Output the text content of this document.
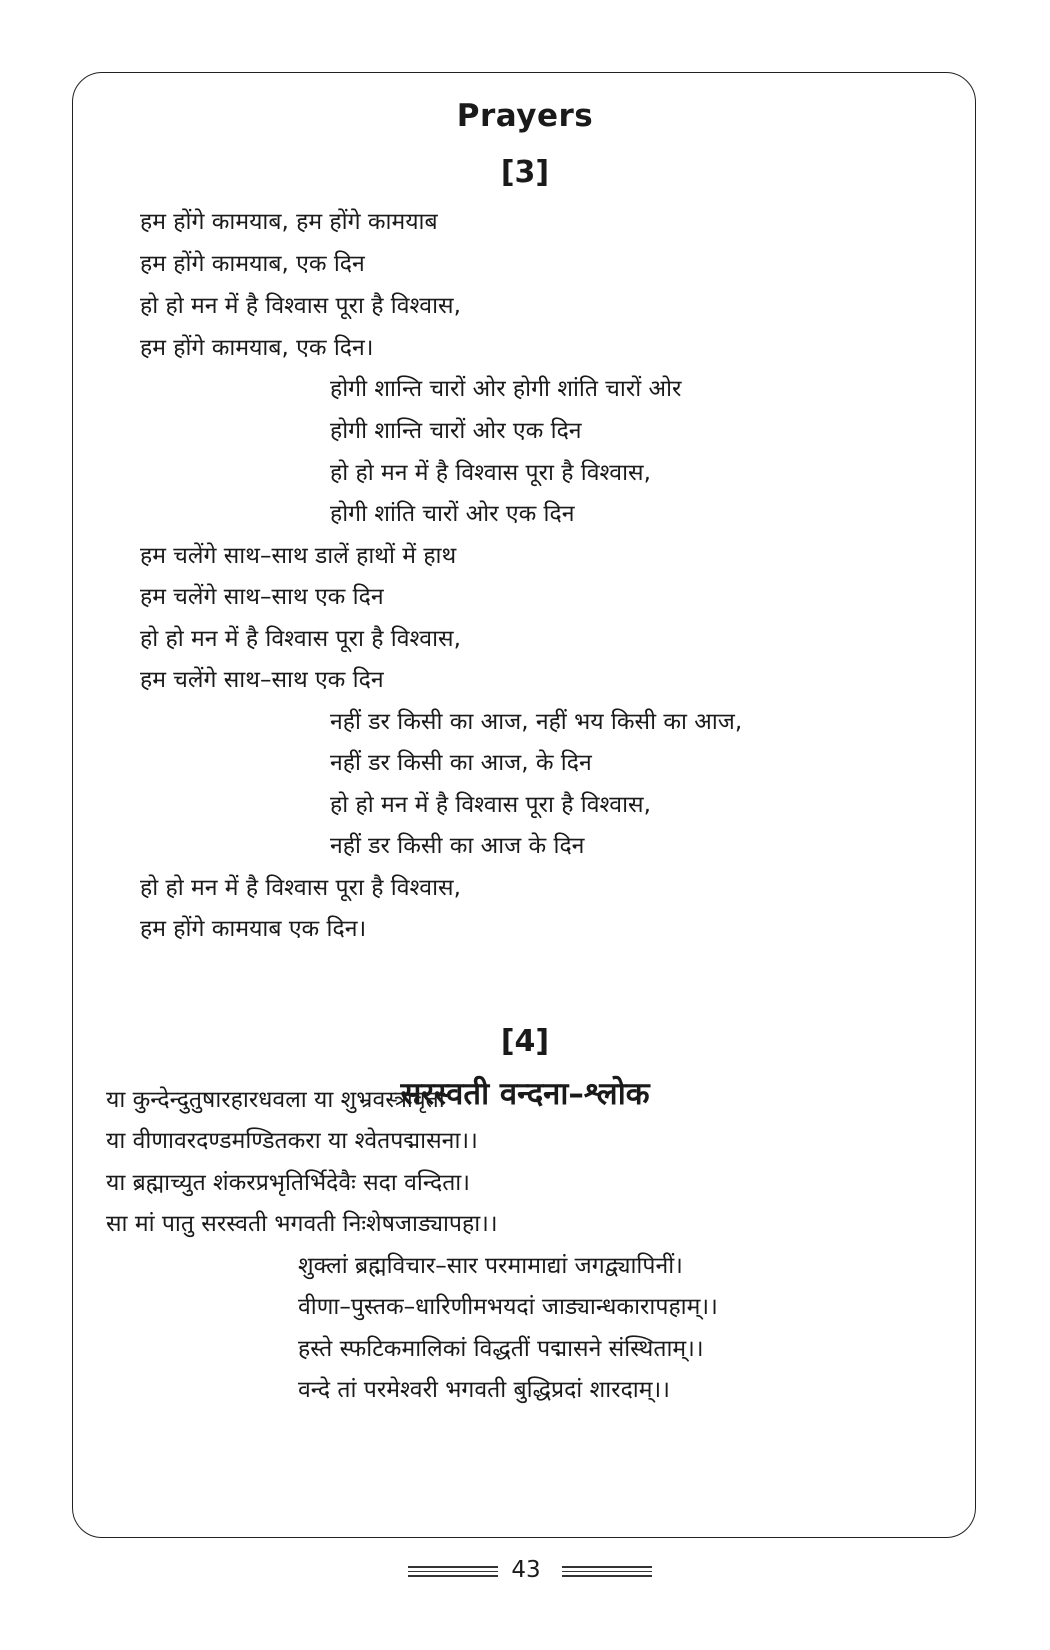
Prayers
[3]

हम होंगे कामयाब, हम होंगे कामयाब

हम होंगे कामयाब, एक दिन

हो हो मन में है विश्वास पूरा है विश्वास,

हम होंगे कामयाब, एक दिन।

होगी शान्ति चारों ओर होगी शांति चारों ओर

होगी शान्ति चारों ओर एक दिन

हो हो मन में है विश्वास पूरा है विश्वास,

होगी शांति चारों ओर एक दिन

हम चलेंगे साथ–साथ डालें हाथों में हाथ

हम चलेंगे साथ–साथ एक दिन

हो हो मन में है विश्वास पूरा है विश्वास,

हम चलेंगे साथ–साथ एक दिन

नहीं डर किसी का आज, नहीं भय किसी का आज,

नहीं डर किसी का आज, के दिन

हो हो मन में है विश्वास पूरा है विश्वास,

नहीं डर किसी का आज के दिन

हो हो मन में है विश्वास पूरा है विश्वास,

हम होंगे कामयाब एक दिन।

[4]
सरस्वती वन्दना–श्लोक

या कुन्देन्दुतुषारहारधवला या शुभ्रवस्त्रावृता

या वीणावरदण्डमण्डितकरा या श्वेतपद्मासना।।

या ब्रह्माच्युत शंकरप्रभृतिर्भिदेवैः सदा वन्दिता।

सा मां पातु सरस्वती भगवती निःशेषजाड्यापहा।।

शुक्लां ब्रह्मविचार–सार परमामाद्यां जगद्व्यापिनीं।

वीणा–पुस्तक–धारिणीमभयदां जाड्यान्धकारापहाम्।।

हस्ते स्फटिकमालिकां विद्धतीं पद्मासने संस्थिताम्।।

वन्दे तां परमेश्वरी भगवती बुद्धिप्रदां शारदाम्।।

43
